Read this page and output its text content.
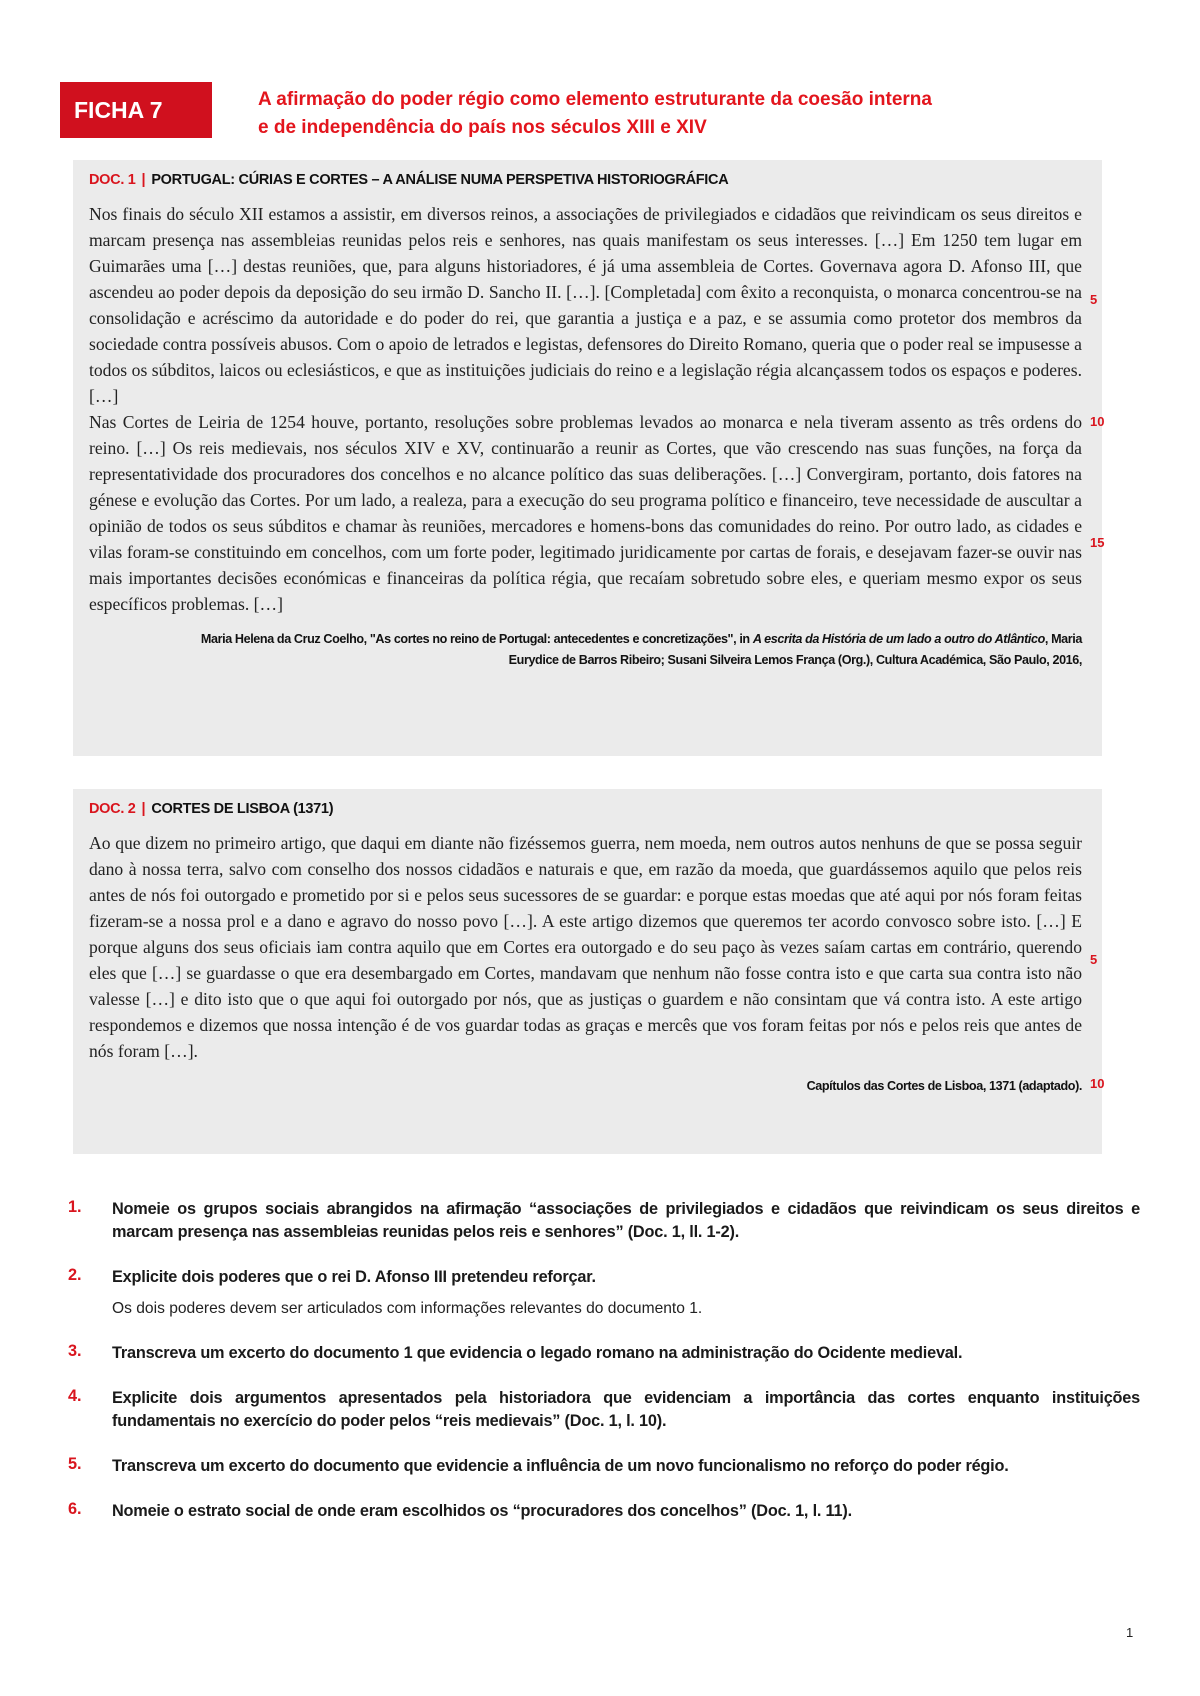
FICHA 7	A afirmação do poder régio como elemento estruturante da coesão interna
e de independência do país nos séculos XIII e XIV
DOC. 1 | PORTUGAL: CÚRIAS E CORTES – A ANÁLISE NUMA PERSPETIVA HISTORIOGRÁFICA

Nos finais do século XII estamos a assistir, em diversos reinos, a associações de privilegiados e cidadãos que reivindicam os seus direitos e marcam presença nas assembleias reunidas pelos reis e senhores, nas quais manifestam os seus interesses. […] Em 1250 tem lugar em Guimarães uma […] destas reuniões, que, para alguns historiadores, é já uma assembleia de Cortes. Governava agora D. Afonso III, que ascendeu ao poder depois da deposição do seu irmão D. Sancho II. […]. [Completada] com êxito a reconquista, o monarca concentrou-se na consolidação e acréscimo da autoridade e do poder do rei, que garantia a justiça e a paz, e se assumia como protetor dos membros da sociedade contra possíveis abusos. Com o apoio de letrados e legistas, defensores do Direito Romano, queria que o poder real se impusesse a todos os súbditos, laicos ou eclesiásticos, e que as instituições judiciais do reino e a legislação régia alcançassem todos os espaços e poderes. […]

Nas Cortes de Leiria de 1254 houve, portanto, resoluções sobre problemas levados ao monarca e nela tiveram assento as três ordens do reino. […] Os reis medievais, nos séculos XIV e XV, continuarão a reunir as Cortes, que vão crescendo nas suas funções, na força da representatividade dos procuradores dos concelhos e no alcance político das suas deliberações. […] Convergiram, portanto, dois fatores na génese e evolução das Cortes. Por um lado, a realeza, para a execução do seu programa político e financeiro, teve necessidade de auscultar a opinião de todos os seus súbditos e chamar às reuniões, mercadores e homens-bons das comunidades do reino. Por outro lado, as cidades e vilas foram-se constituindo em concelhos, com um forte poder, legitimado juridicamente por cartas de forais, e desejavam fazer-se ouvir nas mais importantes decisões económicas e financeiras da política régia, que recaíam sobretudo sobre eles, e queriam mesmo expor os seus específicos problemas. […]

Maria Helena da Cruz Coelho, "As cortes no reino de Portugal: antecedentes e concretizações", in A escrita da História de um lado a outro do Atlântico, Maria
Eurydice de Barros Ribeiro; Susani Silveira Lemos França (Org.), Cultura Académica, São Paulo, 2016,
5
10
15
DOC. 2 | CORTES DE LISBOA (1371)

Ao que dizem no primeiro artigo, que daqui em diante não fizéssemos guerra, nem moeda, nem outros autos nenhuns de que se possa seguir dano à nossa terra, salvo com conselho dos nossos cidadãos e naturais e que, em razão da moeda, que guardássemos aquilo que pelos reis antes de nós foi outorgado e prometido por si e pelos seus sucessores de se guardar: e porque estas moedas que até aqui por nós foram feitas fizeram-se a nossa prol e a dano e agravo do nosso povo […]. A este artigo dizemos que queremos ter acordo convosco sobre isto. […] E porque alguns dos seus oficiais iam contra aquilo que em Cortes era outorgado e do seu paço às vezes saíam cartas em contrário, querendo eles que […] se guardasse o que era desembargado em Cortes, mandavam que nenhum não fosse contra isto e que carta sua contra isto não valesse […] e dito isto que o que aqui foi outorgado por nós, que as justiças o guardem e não consintam que vá contra isto. A este artigo respondemos e dizemos que nossa intenção é de vos guardar todas as graças e mercês que vos foram feitas por nós e pelos reis que antes de nós foram […].

Capítulos das Cortes de Lisboa, 1371 (adaptado).
5
10
1.	Nomeie os grupos sociais abrangidos na afirmação “associações de privilegiados e cidadãos que reivindicam os seus direitos e marcam presença nas assembleias reunidas pelos reis e senhores” (Doc. 1, ll. 1-2).
2.	Explicite dois poderes que o rei D. Afonso III pretendeu reforçar.
Os dois poderes devem ser articulados com informações relevantes do documento 1.
3.	Transcreva um excerto do documento 1 que evidencia o legado romano na administração do Ocidente medieval.
4.	Explicite dois argumentos apresentados pela historiadora que evidenciam a importância das cortes enquanto instituições fundamentais no exercício do poder pelos “reis medievais” (Doc. 1, l. 10).
5.	Transcreva um excerto do documento que evidencie a influência de um novo funcionalismo no reforço do poder régio.
6.	Nomeie o estrato social de onde eram escolhidos os “procuradores dos concelhos” (Doc. 1, l. 11).
1
